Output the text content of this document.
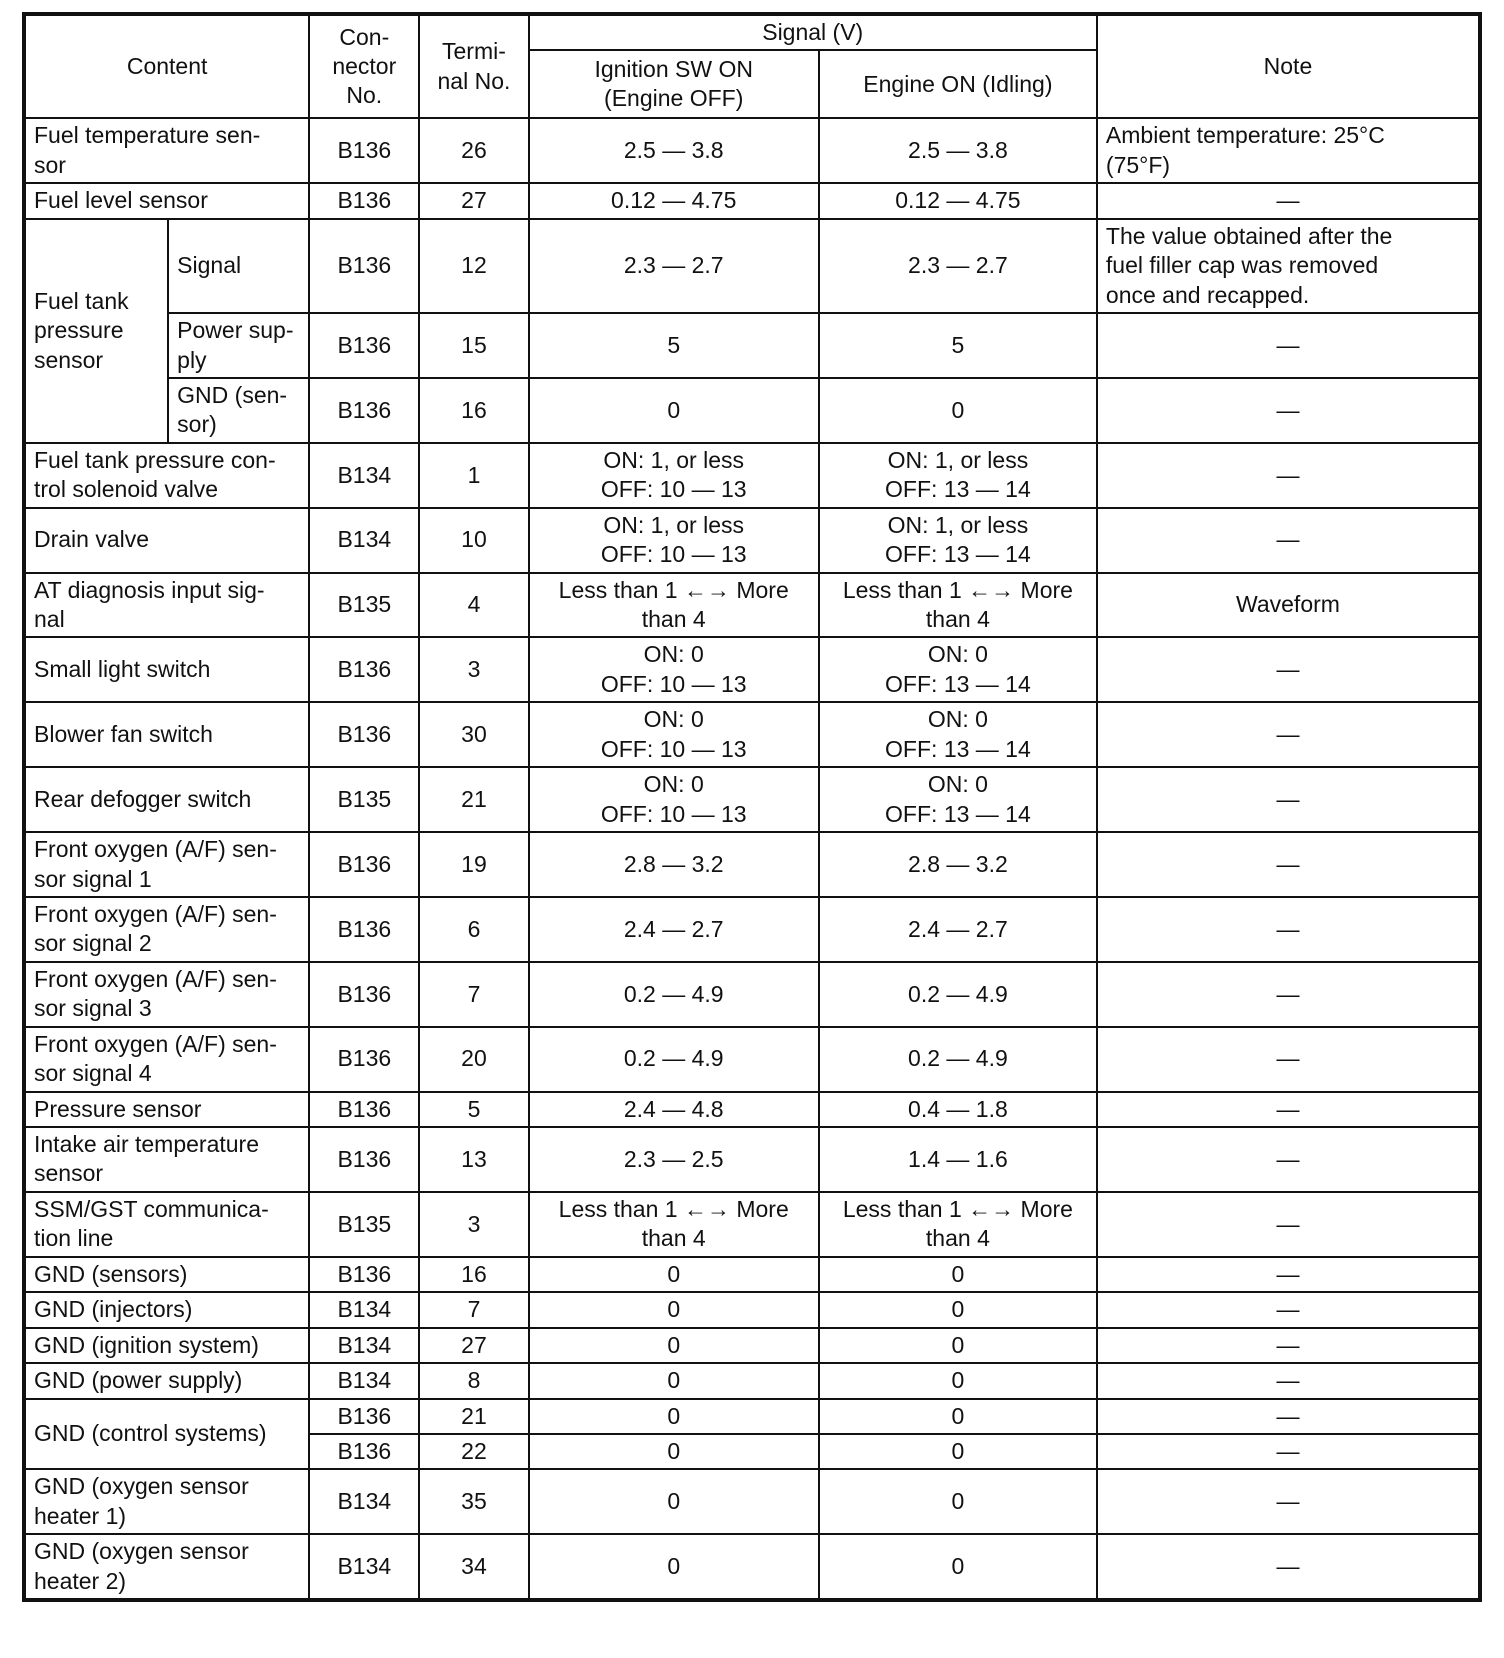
Content		Con-
nector
No.	Termi-
nal No.	Signal (V)		Note
				Ignition SW ON
(Engine OFF)	Engine ON (Idling)	
Fuel temperature sen-
sor		B136	26	2.5 — 3.8	2.5 — 3.8	Ambient temperature: 25°C
(75°F)
Fuel level sensor		B136	27	0.12 — 4.75	0.12 — 4.75	—
Fuel tank
pressure
sensor	Signal	B136	12	2.3 — 2.7	2.3 — 2.7	The value obtained after the
fuel filler cap was removed
once and recapped.
	Power sup-
ply	B136	15	5	5	—
	GND (sen-
sor)	B136	16	0	0	—
Fuel tank pressure con-
trol solenoid valve		B134	1	ON: 1, or less
OFF: 10 — 13	ON: 1, or less
OFF: 13 — 14	—
Drain valve		B134	10	ON: 1, or less
OFF: 10 — 13	ON: 1, or less
OFF: 13 — 14	—
AT diagnosis input sig-
nal		B135	4	Less than 1 ←→ More
than 4	Less than 1 ←→ More
than 4	Waveform
Small light switch		B136	3	ON: 0
OFF: 10 — 13	ON: 0
OFF: 13 — 14	—
Blower fan switch		B136	30	ON: 0
OFF: 10 — 13	ON: 0
OFF: 13 — 14	—
Rear defogger switch		B135	21	ON: 0
OFF: 10 — 13	ON: 0
OFF: 13 — 14	—
Front oxygen (A/F) sen-
sor signal 1		B136	19	2.8 — 3.2	2.8 — 3.2	—
Front oxygen (A/F) sen-
sor signal 2		B136	6	2.4 — 2.7	2.4 — 2.7	—
Front oxygen (A/F) sen-
sor signal 3		B136	7	0.2 — 4.9	0.2 — 4.9	—
Front oxygen (A/F) sen-
sor signal 4		B136	20	0.2 — 4.9	0.2 — 4.9	—
Pressure sensor		B136	5	2.4 — 4.8	0.4 — 1.8	—
Intake air temperature
sensor		B136	13	2.3 — 2.5	1.4 — 1.6	—
SSM/GST communica-
tion line		B135	3	Less than 1 ←→ More
than 4	Less than 1 ←→ More
than 4	—
GND (sensors)		B136	16	0	0	—
GND (injectors)		B134	7	0	0	—
GND (ignition system)		B134	27	0	0	—
GND (power supply)		B134	8	0	0	—
GND (control systems)		B136	21	0	0	—
		B136	22	0	0	—
GND (oxygen sensor
heater 1)		B134	35	0	0	—
GND (oxygen sensor
heater 2)		B134	34	0	0	—
